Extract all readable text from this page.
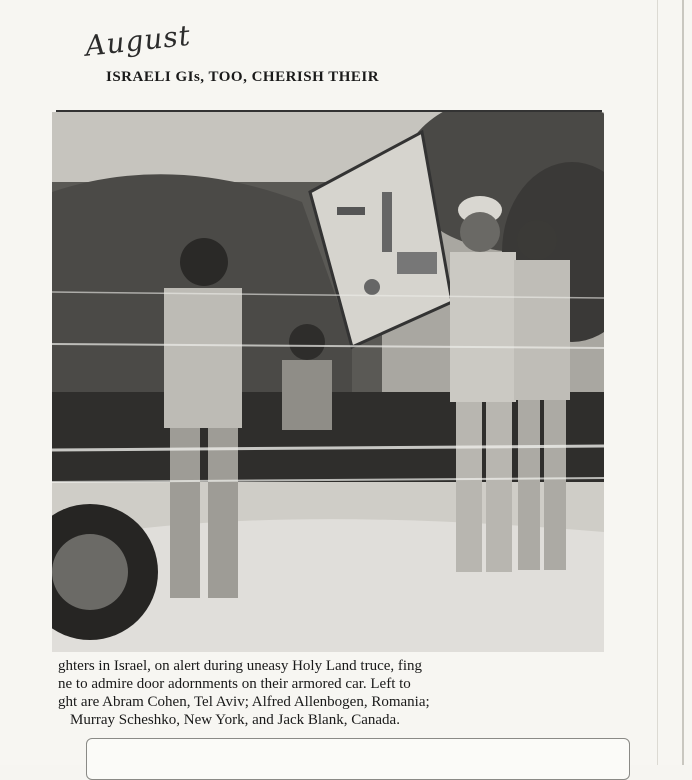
August
ISRAELI GIs, TOO, CHERISH THEIR
ghters in Israel, on alert during uneasy Holy Land truce, fing
ne to admire door adornments on their armored car. Left to
ght are Abram Cohen, Tel Aviv; Alfred Allenbogen, Romania;
Murray Scheshko, New York, and Jack Blank, Canada.
